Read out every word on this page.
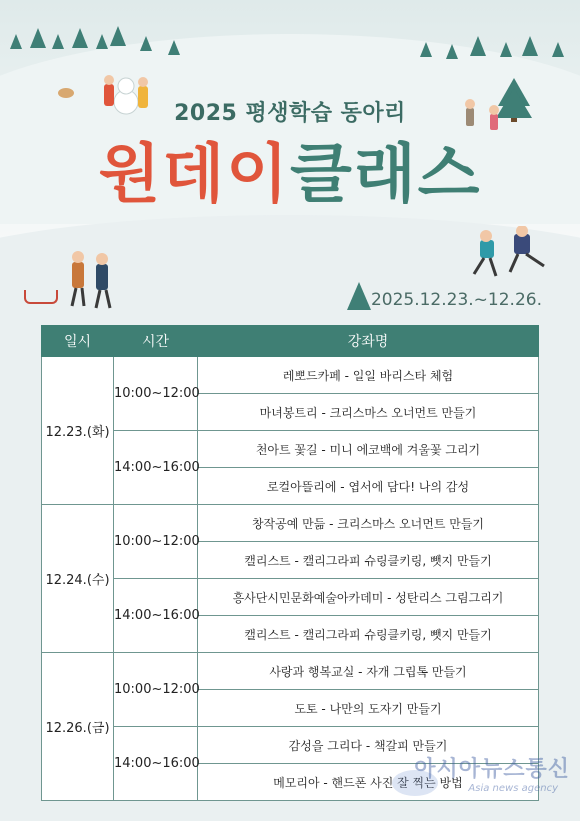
2025 평생학습 동아리
원데이클래스
2025.12.23.~12.26.
일시	시간	강좌명
12.23.(화)	10:00~12:00	레뽀드카페 - 일일 바리스타 체험
		마녀봉트리 - 크리스마스 오너먼트 만들기
	14:00~16:00	천아트 꽃길 - 미니 에코백에 겨울꽃 그리기
		로컬아뜰리에 - 엽서에 담다! 나의 감성
12.24.(수)	10:00~12:00	창작공예 만듦 - 크리스마스 오너먼트 만들기
		캘리스트 - 캘리그라피 슈링클키링, 뺏지 만들기
	14:00~16:00	흥사단시민문화예술아카데미 - 성탄리스 그림그리기
		캘리스트 - 캘리그라피 슈링클키링, 뺏지 만들기
12.26.(금)	10:00~12:00	사랑과 행복교실 - 자개 그립톡 만들기
		도토 - 나만의 도자기 만들기
	14:00~16:00	감성을 그리다 - 책갈피 만들기
		메모리아 - 핸드폰 사진 잘 찍는 방법
아시아뉴스통신
Asia news agency
